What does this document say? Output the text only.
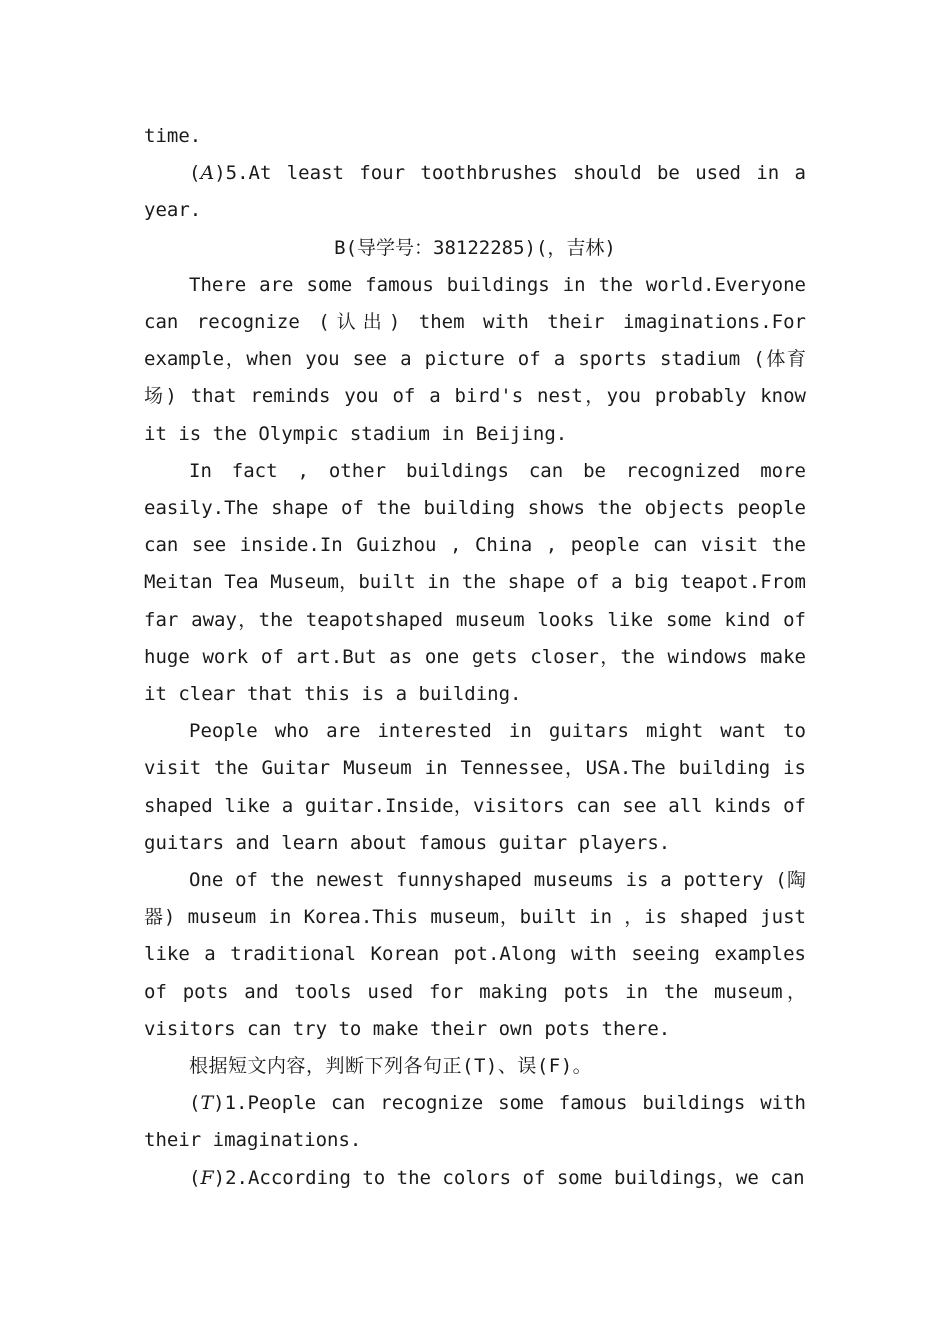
time.

(A)5.At least four toothbrushes should be used in a year.

B(导学号：38122285)(，吉林)

There are some famous buildings in the world.Everyone can recognize (认出) them with their imaginations.For example，when you see a picture of a sports stadium (体育场) that reminds you of a bird's nest，you probably know it is the Olympic stadium in Beijing.

In fact , other buildings can be recognized more easily.The shape of the building shows the objects people can see inside.In Guizhou , China , people can visit the Meitan Tea Museum，built in the shape of a big teapot.From far away，the teapotshaped museum looks like some kind of huge work of art.But as one gets closer，the windows make it clear that this is a building.

People who are interested in guitars might want to visit the Guitar Museum in Tennessee，USA.The building is shaped like a guitar.Inside，visitors can see all kinds of guitars and learn about famous guitar players.

One of the newest funnyshaped museums is a pottery (陶器) museum in Korea.This museum，built in ，is shaped just like a traditional Korean pot.Along with seeing examples of pots and tools used for making pots in the museum，visitors can try to make their own pots there.

根据短文内容，判断下列各句正(T)、误(F)。

(T)1.People can recognize some famous buildings with their imaginations.

(F)2.According to the colors of some buildings，we can
